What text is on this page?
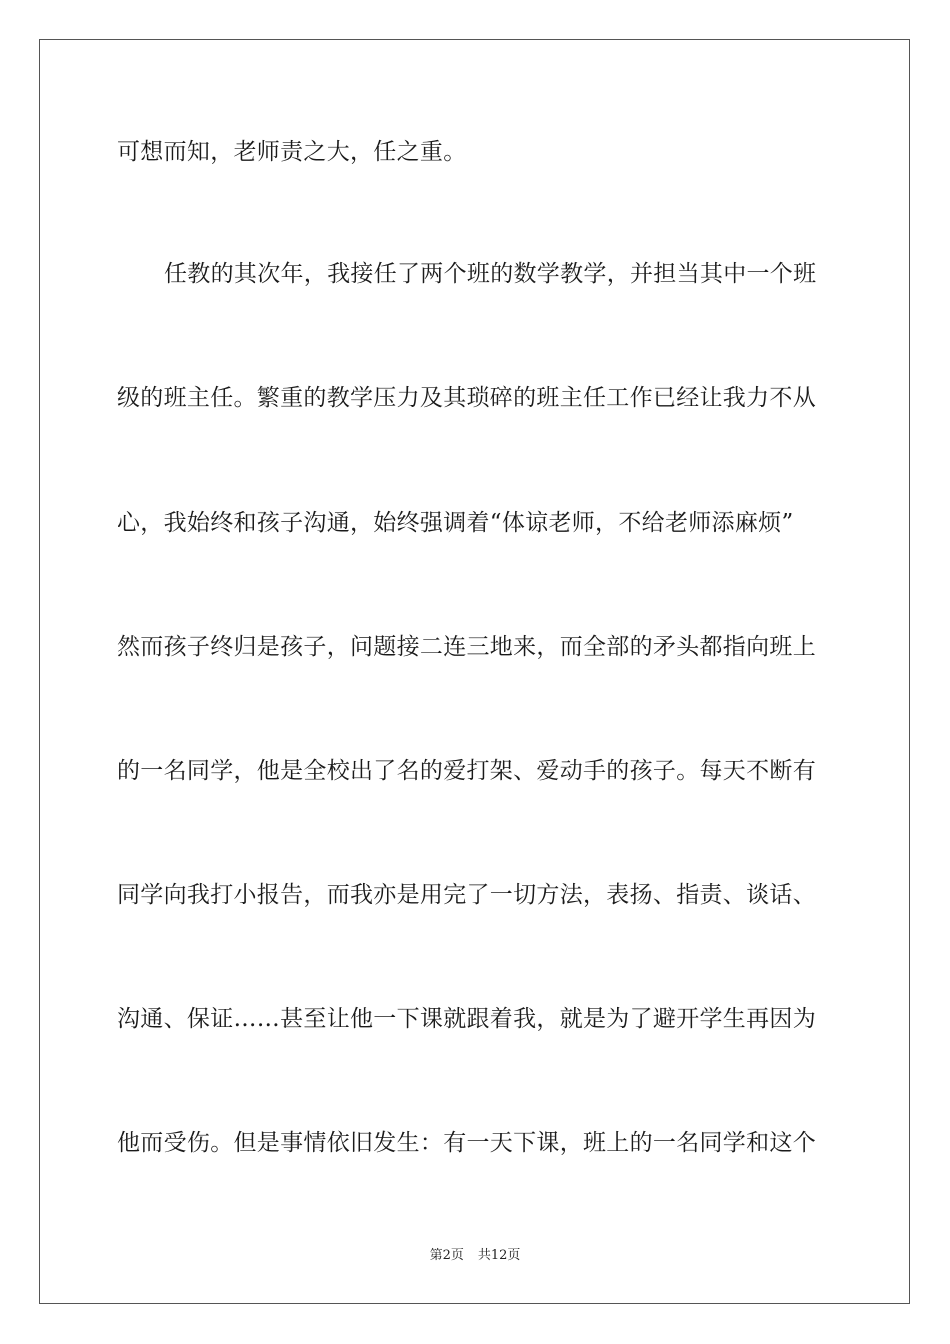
可想而知，老师责之大，任之重。
任教的其次年，我接任了两个班的数学教学，并担当其中一个班
级的班主任。繁重的教学压力及其琐碎的班主任工作已经让我力不从
心，我始终和孩子沟通，始终强调着“体谅老师，不给老师添麻烦”
然而孩子终归是孩子，问题接二连三地来，而全部的矛头都指向班上
的一名同学，他是全校出了名的爱打架、爱动手的孩子。每天不断有
同学向我打小报告，而我亦是用完了一切方法，表扬、指责、谈话、
沟通、保证……甚至让他一下课就跟着我，就是为了避开学生再因为
他而受伤。但是事情依旧发生：有一天下课，班上的一名同学和这个
第2页 共12页
